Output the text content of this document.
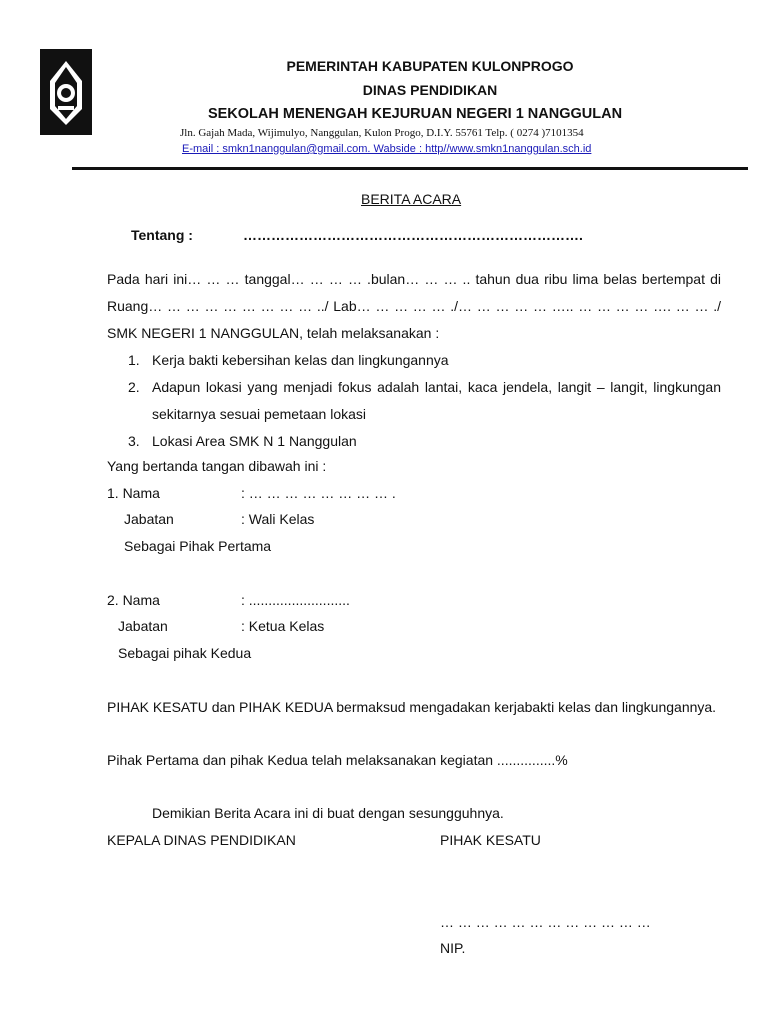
PEMERINTAH KABUPATEN KULONPROGO
DINAS PENDIDIKAN
SEKOLAH MENENGAH KEJURUAN NEGERI 1 NANGGULAN
Jln. Gajah Mada, Wijimulyo, Nanggulan, Kulon Progo, D.I.Y. 55761 Telp. ( 0274 )7101354
E-mail : smkn1nanggulan@gmail.com. Wabside : http//www.smkn1nanggulan.sch.id
BERITA ACARA
Tentang :	……………………………………………………………….
Pada hari ini… … … tanggal… … … … .bulan… … … .. tahun dua ribu lima belas bertempat di Ruang… … … … … … … … … ../ Lab… … … … … ./… … … … … ….. … … … … …. … … ./ SMK NEGERI 1 NANGGULAN, telah melaksanakan :
1. Kerja bakti kebersihan kelas dan lingkungannya
2. Adapun lokasi yang menjadi fokus adalah lantai, kaca jendela, langit – langit, lingkungan sekitarnya sesuai pemetaan lokasi
3. Lokasi Area SMK N 1 Nanggulan
Yang bertanda tangan dibawah ini :
1. Nama	: … … … … … … … … .
Jabatan	: Wali Kelas
Sebagai Pihak Pertama
2. Nama	: ..........................
Jabatan	: Ketua Kelas
Sebagai pihak Kedua
PIHAK KESATU dan PIHAK KEDUA bermaksud mengadakan kerjabakti kelas dan lingkungannya.
Pihak Pertama dan pihak Kedua telah melaksanakan kegiatan ...............%
Demikian Berita Acara ini di buat dengan sesungguhnya.
KEPALA DINAS PENDIDIKAN	PIHAK KESATU
… … … … … … … … … … … …
NIP.
